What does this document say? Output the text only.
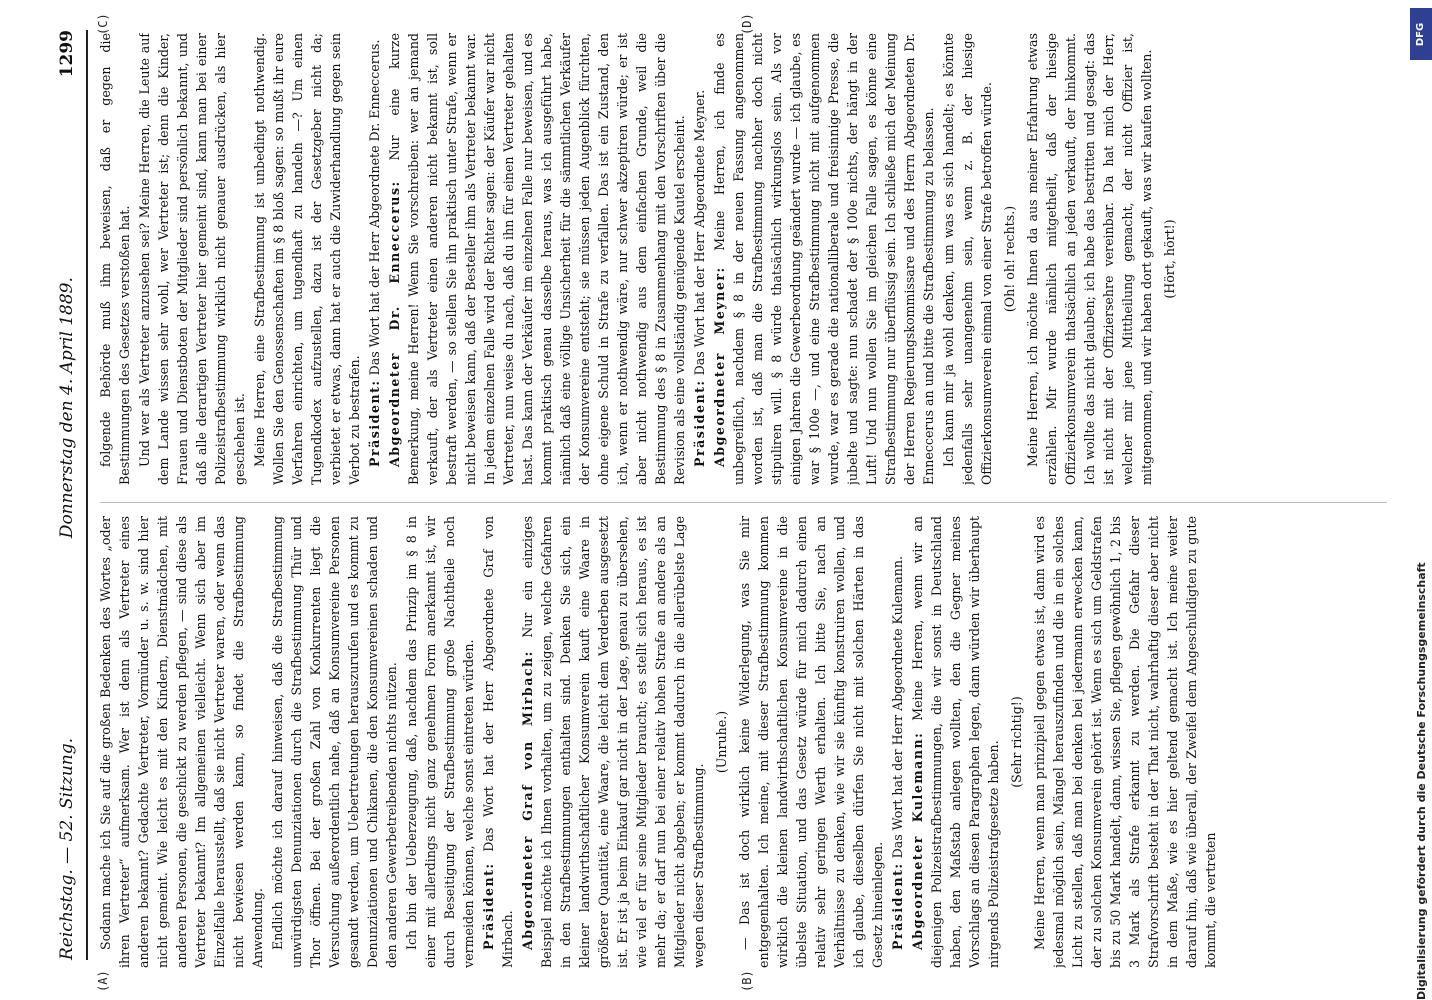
Reichstag. — 52. Sitzung.
Donnerstag den 4. April 1889.
1299
(A)	(B)
(C)	(D)

Sodann mache ich Sie auf die großen Bedenken des Wortes „oder ihren Vertreter“ aufmerksam. Wer ist denn als Vertreter eines anderen bekannt? Gedachte Vertreter, Vormünder u. s. w. sind hier nicht gemeint. Wie leicht es mit den Kindern, Dienstmädchen, mit anderen Personen, die geschickt zu werden pflegen, — sind diese als Vertreter bekannt? Im allgemeinen vielleicht. Wenn sich aber im Einzelfalle herausstellt, daß sie nicht Vertreter waren, oder wenn das nicht bewiesen werden kann, so findet die Strafbestimmung Anwendung. Endlich möchte ich darauf hinweisen, daß die Strafbestimmung unwürdigsten Denunziationen durch die Strafbestimmung Thür und Thor öffnen. Bei der großen Zahl von Konkurrenten liegt die Versuchung außerordentlich nahe, daß an Konsumvereine Personen gesandt werden, um Uebertretungen herauszurufen und es kommt zu Denunziationen und Chikanen, die den Konsumvereinen schaden und den anderen Gewerbetreibenden nichts nützen. Ich bin der Ueberzeugung, daß, nachdem das Prinzip im § 8 in einer mit allerdings nicht ganz genehmen Form anerkannt ist, wir durch Beseitigung der Strafbestimmung große Nachtheile noch vermeiden können, welche sonst eintreten würden. Präsident: Das Wort hat der Herr Abgeordnete Graf von Mirbach. Abgeordneter Graf von Mirbach: Nur ein einziges Beispiel möchte ich Ihnen vorhalten, um zu zeigen, welche Gefahren in den Strafbestimmungen enthalten sind. Denken Sie sich, ein kleiner landwirthschaftlicher Konsumverein kauft eine Waare in größerer Quantität, eine Waare, die leicht dem Verderben ausgesetzt ist. Er ist ja beim Einkauf gar nicht in der Lage, genau zu übersehen, wie viel er für seine Mitglieder braucht; es stellt sich heraus, es ist mehr da; er darf nun bei einer relativ hohen Strafe an andere als an Mitglieder nicht abgeben; er kommt dadurch in die allerübelste Lage wegen dieser Strafbestimmung.

(Unruhe.) — Das ist doch wirklich keine Widerlegung, was Sie mir entgegenhalten. Ich meine, mit dieser Strafbestimmung kommen wirklich die kleinen landwirthschaftlichen Konsumvereine in die übelste Situation, und das Gesetz würde für mich dadurch einen relativ sehr geringen Werth erhalten. Ich bitte Sie, nach an Verhältnisse zu denken, wie wir sie künftig konstruiren wollen, und ich glaube, dieselben dürfen Sie nicht mit solchen Härten in das Gesetz hineinlegen. Präsident: Das Wort hat der Herr Abgeordnete Kulemann. Abgeordneter Kulemann: Meine Herren, wenn wir an diejenigen Polizeistrafbestimmungen, die wir sonst in Deutschland haben, den Maßstab anlegen wollten, den die Gegner meines Vorschlags an diesen Paragraphen legen, dann würden wir überhaupt nirgends Polizeistrafgesetze haben. (Sehr richtig!) Meine Herren, wenn man prinzipiell gegen etwas ist, dann wird es jedesmal möglich sein, Mängel herauszufinden und die in ein solches Licht zu stellen, daß man bei denken bei jedermann erwecken kann, der zu solchen Konsumverein gehört ist. Wenn es sich um Geldstrafen bis zu 50 Mark handelt, dann, wissen Sie, pflegen gewöhnlich 1, 2 bis 3 Mark als Strafe erkannt zu werden. Die Gefahr dieser Strafvorschrift besteht in der That nicht, wahrhaftig dieser aber nicht in dem Maße, wie es hier geltend gemacht ist. Ich meine weiter darauf hin, daß wie überall, der Zweifel dem Angeschuldigten zu gute kommt, die vertreten

folgende Behörde muß ihm beweisen, daß er gegen die Bestimmungen des Gesetzes verstoßen hat. Und wer als Vertreter anzusehen sei? Meine Herren, die Leute auf dem Lande wissen sehr wohl, wer Vertreter ist; denn die Kinder, Frauen und Dienstboten der Mitglieder sind persönlich bekannt, und daß alle derartigen Vertreter hier gemeint sind, kann man bei einer Polizeistrafbestimmung wirklich nicht genauer ausdrücken, als hier geschehen ist. Meine Herren, eine Strafbestimmung ist unbedingt nothwendig. Wollen Sie den Genossenschaften im § 8 bloß sagen: so mußt ihr eure Verfahren einrichten, um tugendhaft zu handeln —? Um einen Tugendkodex aufzustellen, dazu ist der Gesetzgeber nicht da; verbietet er etwas, dann hat er auch die Zuwiderhandlung gegen sein Verbot zu bestrafen. Präsident: Das Wort hat der Herr Abgeordnete Dr. Enneccerus. Abgeordneter Dr. Enneccerus: Nur eine kurze Bemerkung, meine Herren! Wenn Sie vorschreiben: wer an jemand verkauft, der als Vertreter einen anderen nicht bekannt ist, soll bestraft werden, — so stellen Sie ihn praktisch unter Strafe, wenn er nicht beweisen kann, daß der Besteller ihm als Vertreter bekannt war. In jedem einzelnen Falle wird der Richter sagen: der Käufer war nicht Vertreter, nun weise du nach, daß du ihn für einen Vertreter gehalten hast. Das kann der Verkäufer im einzelnen Falle nur beweisen, und es kommt praktisch genau dasselbe heraus, was ich ausgeführt habe, nämlich daß eine völlige Unsicherheit für die sämmtlichen Verkäufer der Konsumvereine entsteht; sie müssen jeden Augenblick fürchten, ohne eigene Schuld in Strafe zu verfallen. Das ist ein Zustand, den ich, wenn er nothwendig wäre, nur schwer akzeptiren würde; er ist aber nicht nothwendig aus dem einfachen Grunde, weil die Bestimmung des § 8 in Zusammenhang mit den Vorschriften über die Revision als eine vollständig genügende Kautel erscheint. Präsident: Das Wort hat der Herr Abgeordnete Meyner. Abgeordneter Meyner: Meine Herren, ich finde es unbegreiflich, nachdem § 8 in der neuen Fassung angenommen worden ist, daß man die Strafbestimmung nachher doch nicht stipuliren will. § 8 würde thatsächlich wirkungslos sein. Als vor einigen Jahren die Gewerbeordnung geändert wurde — ich glaube, es war § 100e —, und eine Strafbestimmung nicht mit aufgenommen wurde, war es gerade die nationalliberale und freisinnige Presse, die jubelte und sagte: nun schadet der § 100e nichts, der hängt in der Luft! Und nun wollen Sie im gleichen Falle sagen, es könne eine Strafbestimmung nur überflüssig sein. Ich schließe mich der Meinung der Herren Regierungskommissare und des Herrn Abgeordneten Dr. Enneccerus an und bitte die Strafbestimmung zu belassen. Ich kann mir ja wohl denken, um was es sich handelt; es könnte jedenfalls sehr unangenehm sein, wenn z. B. der hiesige Offizierkonsumverein einmal von einer Strafe betroffen würde. (Oh! oh! rechts.) Meine Herren, ich möchte Ihnen da aus meiner Erfahrung etwas erzählen. Mir wurde nämlich mitgetheilt, daß der hiesige Offizierkonsumverein thatsächlich an jeden verkauft, der hinkommt. Ich wollte das nicht glauben; ich habe das bestritten und gesagt: das ist nicht mit der Offiziersehre vereinbar. Da hat mich der Herr, welcher mir jene Mittheilung gemacht, der nicht Offizier ist, mitgenommen, und wir haben dort gekauft, was wir kaufen wollten. (Hört, hört!)

DFG
Digitalisierung gefördert durch die Deutsche Forschungsgemeinschaft
